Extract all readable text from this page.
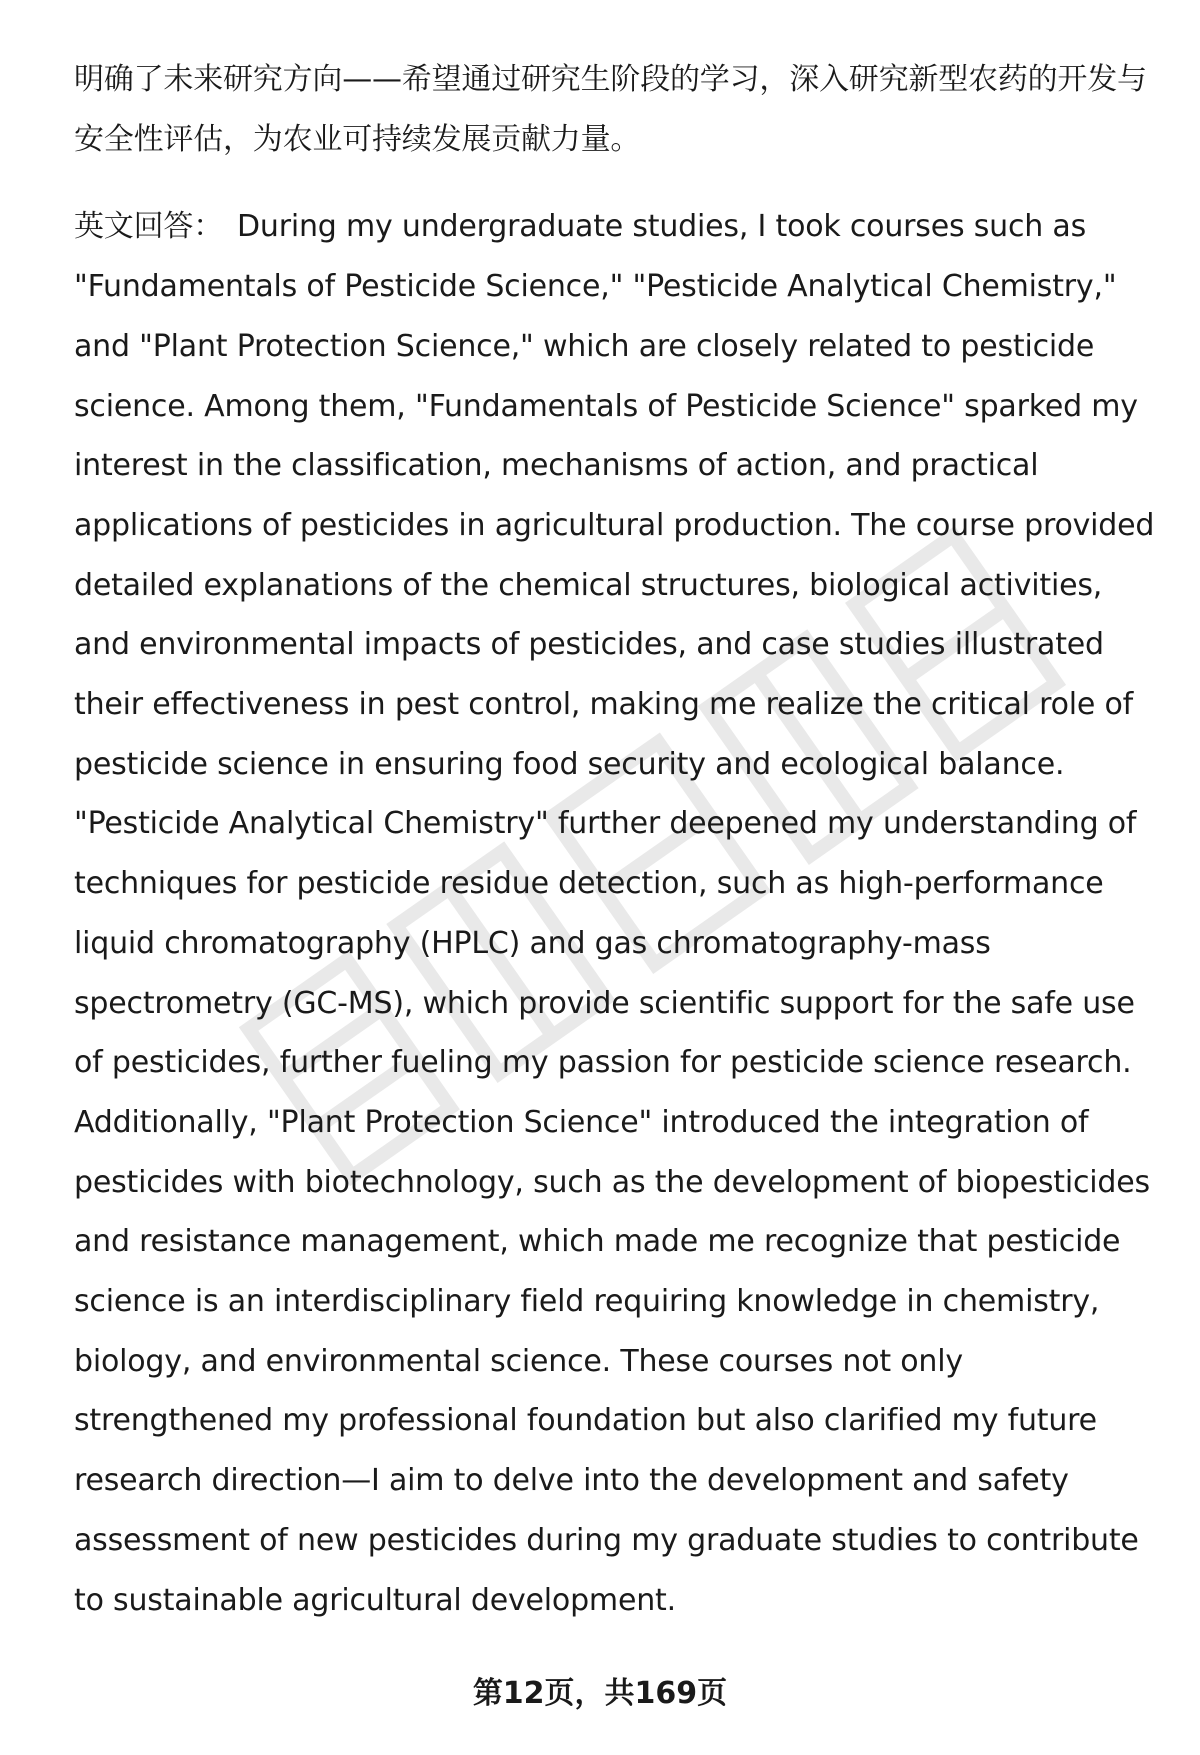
明确了未来研究方向——希望通过研究生阶段的学习，深入研究新型农药的开发与安全性评估，为农业可持续发展贡献力量。

英文回答： During my undergraduate studies, I took courses such as "Fundamentals of Pesticide Science," "Pesticide Analytical Chemistry," and "Plant Protection Science," which are closely related to pesticide science. Among them, "Fundamentals of Pesticide Science" sparked my interest in the classification, mechanisms of action, and practical applications of pesticides in agricultural production. The course provided detailed explanations of the chemical structures, biological activities, and environmental impacts of pesticides, and case studies illustrated their effectiveness in pest control, making me realize the critical role of pesticide science in ensuring food security and ecological balance. "Pesticide Analytical Chemistry" further deepened my understanding of techniques for pesticide residue detection, such as high-performance liquid chromatography (HPLC) and gas chromatography-mass spectrometry (GC-MS), which provide scientific support for the safe use of pesticides, further fueling my passion for pesticide science research. Additionally, "Plant Protection Science" introduced the integration of pesticides with biotechnology, such as the development of biopesticides and resistance management, which made me recognize that pesticide science is an interdisciplinary field requiring knowledge in chemistry, biology, and environmental science. These courses not only strengthened my professional foundation but also clarified my future research direction—I aim to delve into the development and safety assessment of new pesticides during my graduate studies to contribute to sustainable agricultural development.

第12页，共169页
